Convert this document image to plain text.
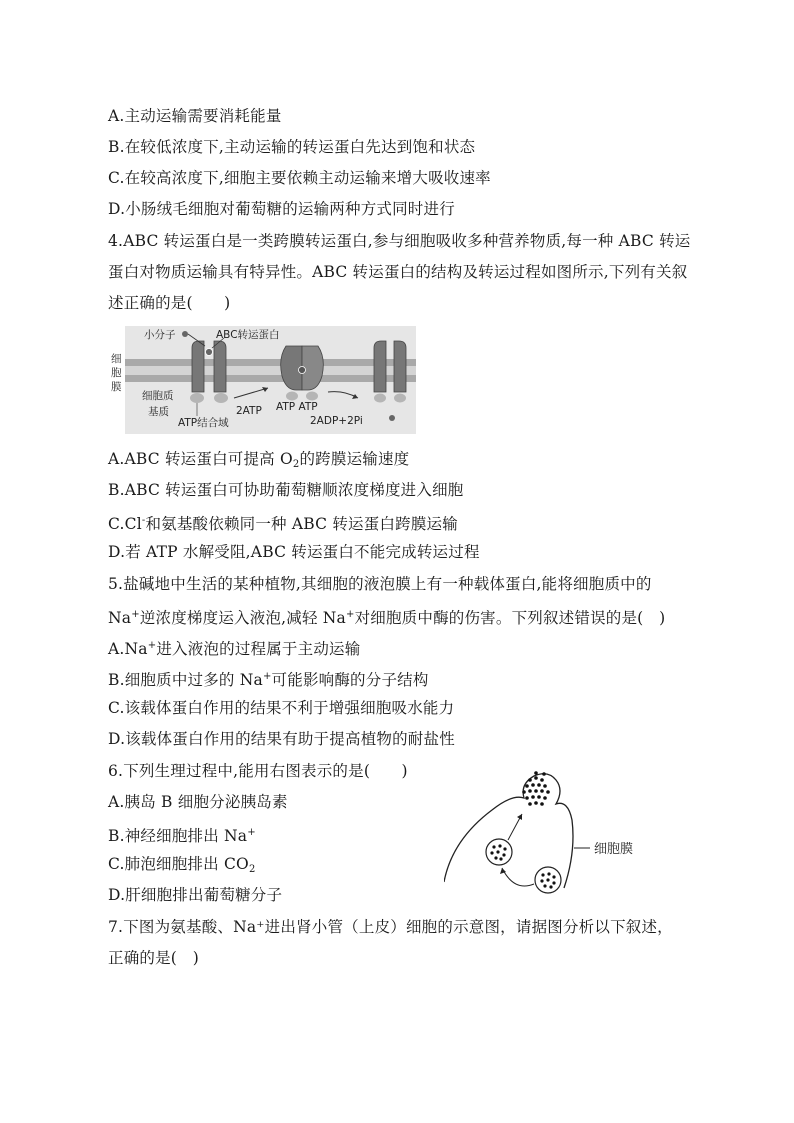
A.主动运输需要消耗能量
B.在较低浓度下,主动运输的转运蛋白先达到饱和状态
C.在较高浓度下,细胞主要依赖主动运输来增大吸收速率
D.小肠绒毛细胞对葡萄糖的运输两种方式同时进行
4.ABC 转运蛋白是一类跨膜转运蛋白,参与细胞吸收多种营养物质,每一种 ABC 转运
蛋白对物质运输具有特异性。ABC 转运蛋白的结构及转运过程如图所示,下列有关叙
述正确的是(　　)
细
胞
膜
小分子	ABC转运蛋白
细胞质
基质
ATP结合域
2ATP ATP ATP
2ADP+2Pi
A.ABC 转运蛋白可提高 $O_2$的跨膜运输速度
B.ABC 转运蛋白可协助葡萄糖顺浓度梯度进入细胞
C.Cl-和氨基酸依赖同一种 ABC 转运蛋白跨膜运输
D.若 ATP 水解受阻,ABC 转运蛋白不能完成转运过程
5.盐碱地中生活的某种植物,其细胞的液泡膜上有一种载体蛋白,能将细胞质中的
Na+逆浓度梯度运入液泡,减轻 Na+对细胞质中酶的伤害。下列叙述错误的是(　)
A.Na+进入液泡的过程属于主动运输
B.细胞质中过多的 Na+可能影响酶的分子结构
C.该载体蛋白作用的结果不利于增强细胞吸水能力
D.该载体蛋白作用的结果有助于提高植物的耐盐性
6.下列生理过程中,能用右图表示的是(　　)
A.胰岛 B 细胞分泌胰岛素
B.神经细胞排出 Na+
C.肺泡细胞排出 $CO_2$
D.肝细胞排出葡萄糖分子
细胞膜
7.下图为氨基酸、Na⁺进出肾小管（上皮）细胞的示意图，请据图分析以下叙述，
正确的是(　)
